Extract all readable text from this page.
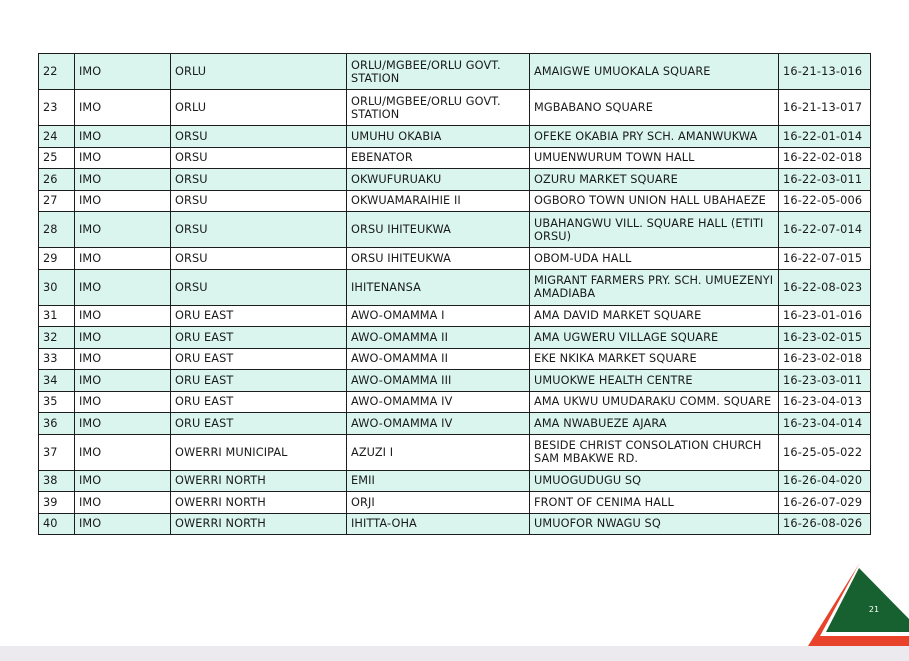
22	IMO	ORLU	ORLU/MGBEE/ORLU GOVT. STATION	AMAIGWE UMUOKALA SQUARE	16-21-13-016
23	IMO	ORLU	ORLU/MGBEE/ORLU GOVT. STATION	MGBABANO SQUARE	16-21-13-017
24	IMO	ORSU	UMUHU OKABIA	OFEKE OKABIA PRY SCH. AMANWUKWA	16-22-01-014
25	IMO	ORSU	EBENATOR	UMUENWURUM TOWN HALL	16-22-02-018
26	IMO	ORSU	OKWUFURUAKU	OZURU MARKET SQUARE	16-22-03-011
27	IMO	ORSU	OKWUAMARAIHIE II	OGBORO TOWN UNION HALL UBAHAEZE	16-22-05-006
28	IMO	ORSU	ORSU IHITEUKWA	UBAHANGWU VILL. SQUARE HALL (ETITI ORSU)	16-22-07-014
29	IMO	ORSU	ORSU IHITEUKWA	OBOM-UDA HALL	16-22-07-015
30	IMO	ORSU	IHITENANSA	MIGRANT FARMERS PRY. SCH. UMUEZENYI AMADIABA	16-22-08-023
31	IMO	ORU EAST	AWO-OMAMMA I	AMA DAVID MARKET SQUARE	16-23-01-016
32	IMO	ORU EAST	AWO-OMAMMA II	AMA UGWERU VILLAGE SQUARE	16-23-02-015
33	IMO	ORU EAST	AWO-OMAMMA II	EKE NKIKA MARKET SQUARE	16-23-02-018
34	IMO	ORU EAST	AWO-OMAMMA III	UMUOKWE HEALTH CENTRE	16-23-03-011
35	IMO	ORU EAST	AWO-OMAMMA IV	AMA UKWU UMUDARAKU COMM. SQUARE	16-23-04-013
36	IMO	ORU EAST	AWO-OMAMMA IV	AMA NWABUEZE AJARA	16-23-04-014
37	IMO	OWERRI MUNICIPAL	AZUZI I	BESIDE CHRIST CONSOLATION CHURCH SAM MBAKWE RD.	16-25-05-022
38	IMO	OWERRI NORTH	EMII	UMUOGUDUGU SQ	16-26-04-020
39	IMO	OWERRI NORTH	ORJI	FRONT OF CENIMA HALL	16-26-07-029
40	IMO	OWERRI NORTH	IHITTA-OHA	UMUOFOR NWAGU SQ	16-26-08-026
21
